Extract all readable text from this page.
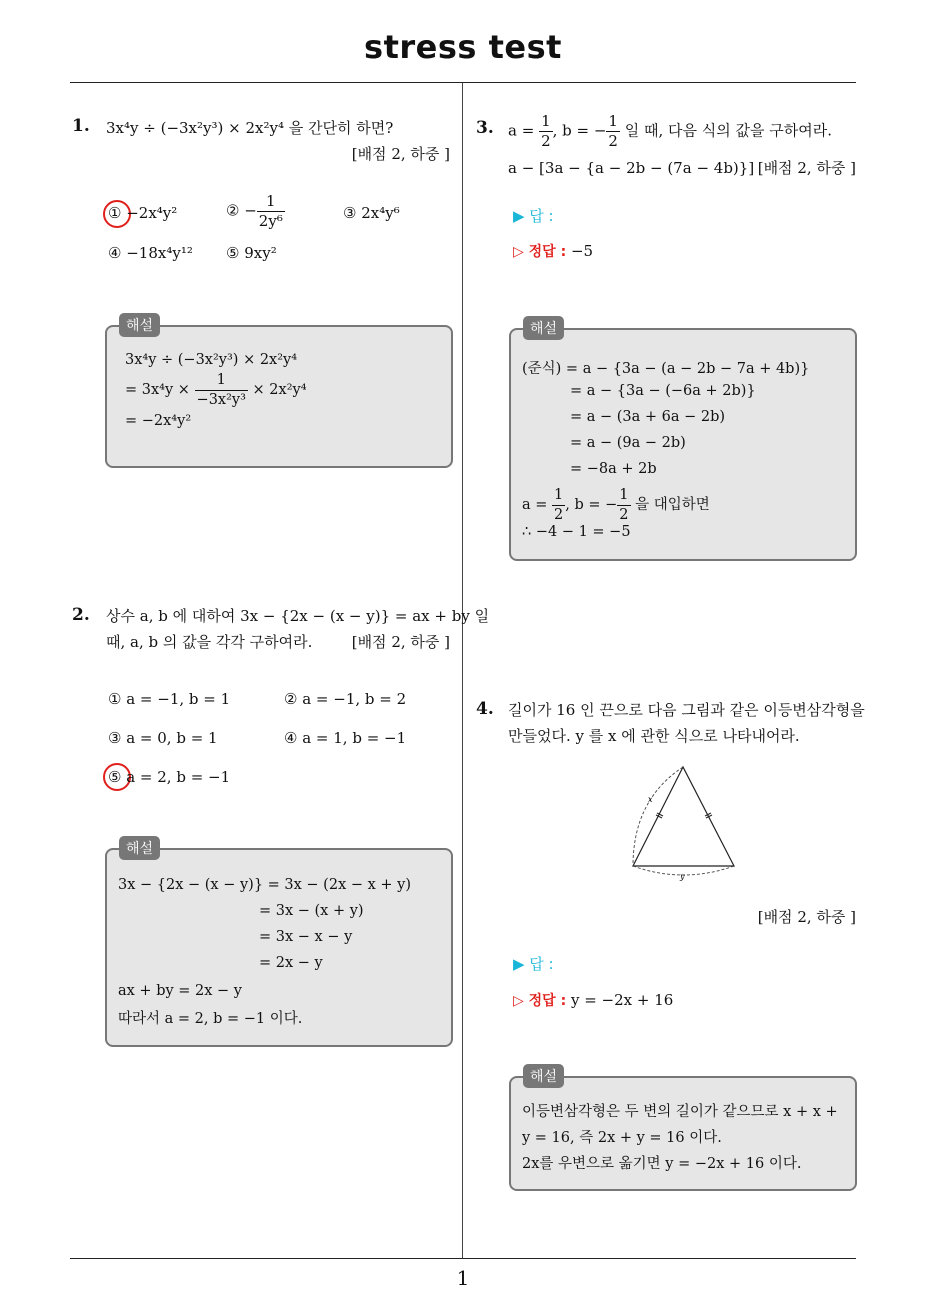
stress test
1
1. 3x⁴y ÷ (−3x²y³) × 2x²y⁴ 을 간단히 하면?
[배점 2, 하중 ]
① −2x⁴y²	② − $\frac{1}{\text{2y⁶}}$	③ 2x⁴y⁶
④ −18x⁴y¹² ⑤ 9xy²
해설
3x⁴y ÷ (−3x²y³) × 2x²y⁴
= $3x^4y \times \frac{1}{\text{−3x²y³}} \times 2x^2y^4$
= −2x⁴y²
2. 상수 a, b 에 대하여 3x − {2x − (x − y)} = ax + by 일
때, a, b 의 값을 각각 구하여라.	[배점 2, 하중 ]
① a = −1, b = 1	② a = −1, b = 2
③ a = 0, b = 1	④ a = 1, b = −1
⑤ a = 2, b = −1
해설
3x − {2x − (x − y)} = 3x − (2x − x + y)
= 3x − (x + y)
= 3x − x − y
= 2x − y
ax + by = 2x − y
따라서 a = 2, b = −1 이다.
3. $a = \frac{1}{2}$ , b = − $\frac{1}{2}$ 일 때, 다음 식의 값을 구하여라.
a − [3a − {a − 2b − (7a − 4b)}] [배점 2, 하중 ]
▶ 답 :
▷ 정답 : −5
해설
(준식) = a − {3a − (a − 2b − 7a + 4b)}
= a − {3a − (−6a + 2b)}
= a − (3a + 6a − 2b)
= a − (9a − 2b)
= −8a + 2b
$a = \frac{1}{2}$ , b = − $\frac{1}{2}$ 을 대입하면
∴ −4 − 1 = −5
4. 길이가 16 인 끈으로 다음 그림과 같은 이등변삼각형을
만들었다. y 를 x 에 관한 식으로 나타내어라.
x
y
[배점 2, 하중 ]
▶ 답 :
▷ 정답 : y = −2x + 16
해설
이등변삼각형은 두 변의 길이가 같으므로 x + x +
y = 16, 즉 2x + y = 16 이다.
2x를 우변으로 옮기면 y = −2x + 16 이다.
